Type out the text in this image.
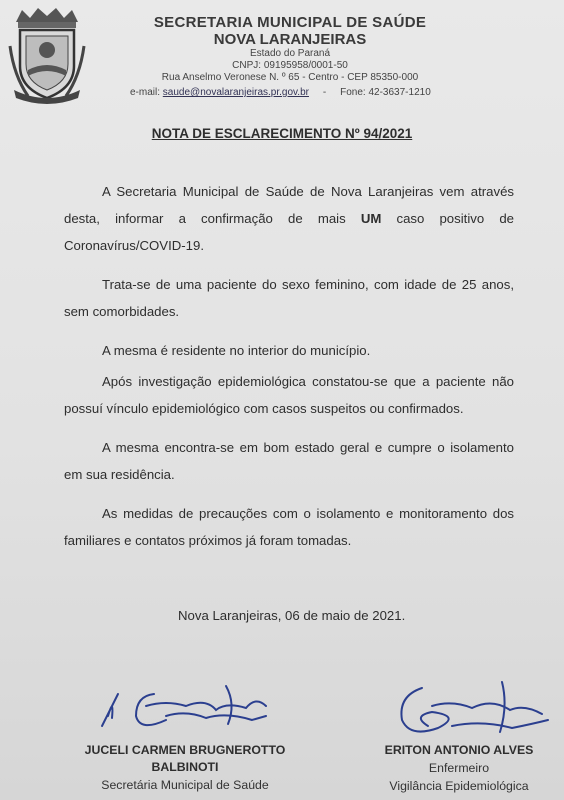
SECRETARIA MUNICIPAL DE SAÚDE
NOVA LARANJEIRAS
Estado do Paraná
CNPJ: 09195958/0001-50
Rua Anselmo Veronese N. º 65 - Centro - CEP 85350-000
e-mail: saude@novalaranjeiras.pr.gov.br - Fone: 42-3637-1210
NOTA DE ESCLARECIMENTO Nº 94/2021

A Secretaria Municipal de Saúde de Nova Laranjeiras vem através desta, informar a confirmação de mais UM caso positivo de Coronavírus/COVID-19.

Trata-se de uma paciente do sexo feminino, com idade de 25 anos, sem comorbidades.

A mesma é residente no interior do município.

Após investigação epidemiológica constatou-se que a paciente não possuí vínculo epidemiológico com casos suspeitos ou confirmados.

A mesma encontra-se em bom estado geral e cumpre o isolamento em sua residência.

As medidas de precauções com o isolamento e monitoramento dos familiares e contatos próximos já foram tomadas.

Nova Laranjeiras, 06 de maio de 2021.
JUCELI CARMEN BRUGNEROTTO BALBINOTI
Secretária Municipal de Saúde
ERITON ANTONIO ALVES
Enfermeiro
Vigilância Epidemiológica
